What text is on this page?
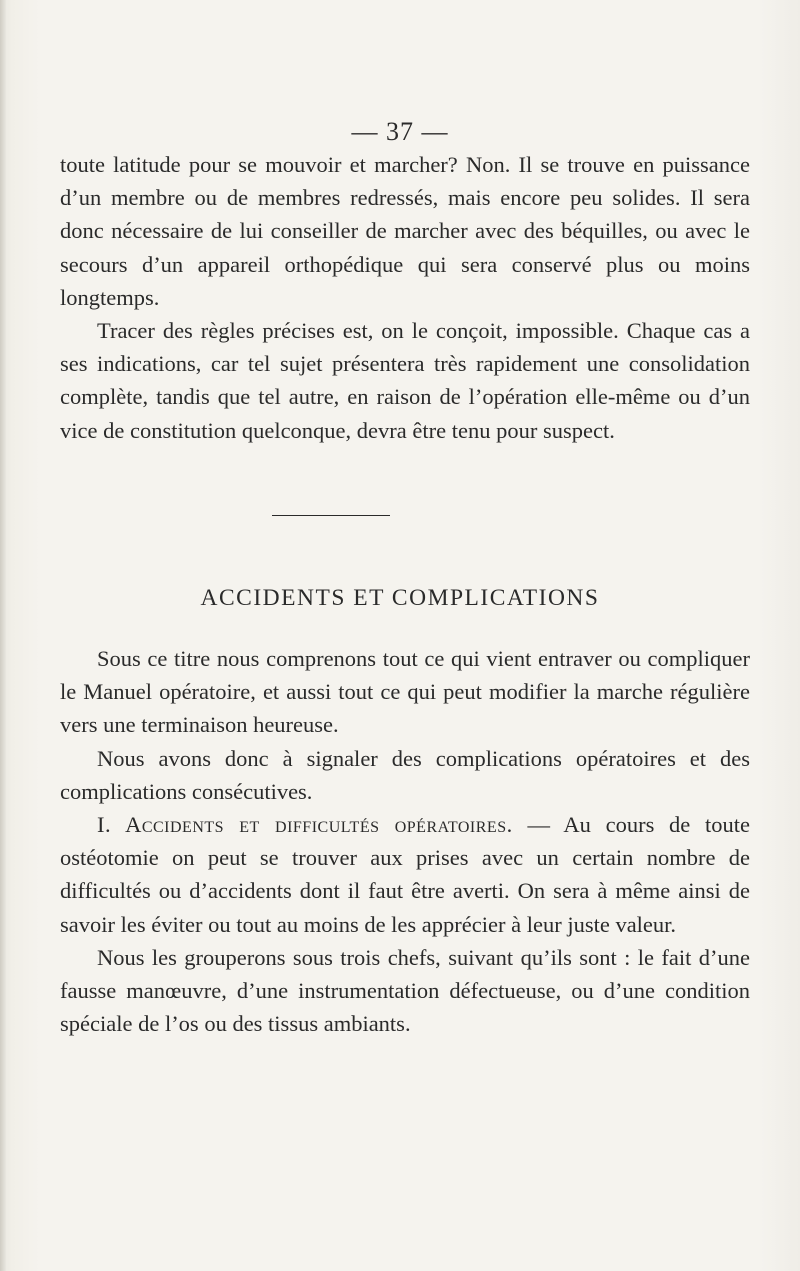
— 37 —

toute latitude pour se mouvoir et marcher? Non. Il se trouve en puissance d’un membre ou de membres redressés, mais encore peu solides. Il sera donc nécessaire de lui conseiller de marcher avec des béquilles, ou avec le secours d’un appareil orthopédique qui sera conservé plus ou moins longtemps.

Tracer des règles précises est, on le conçoit, impossible. Chaque cas a ses indications, car tel sujet présentera très rapidement une consolidation complète, tandis que tel autre, en raison de l’opération elle-même ou d’un vice de constitution quelconque, devra être tenu pour suspect.

ACCIDENTS ET COMPLICATIONS

Sous ce titre nous comprenons tout ce qui vient entraver ou compliquer le Manuel opératoire, et aussi tout ce qui peut modifier la marche régulière vers une terminaison heureuse.

Nous avons donc à signaler des complications opératoires et des complications consécutives.

I. Accidents et difficultés opératoires. — Au cours de toute ostéotomie on peut se trouver aux prises avec un certain nombre de difficultés ou d’accidents dont il faut être averti. On sera à même ainsi de savoir les éviter ou tout au moins de les apprécier à leur juste valeur.

Nous les grouperons sous trois chefs, suivant qu’ils sont : le fait d’une fausse manœuvre, d’une instrumentation défectueuse, ou d’une condition spéciale de l’os ou des tissus ambiants.
